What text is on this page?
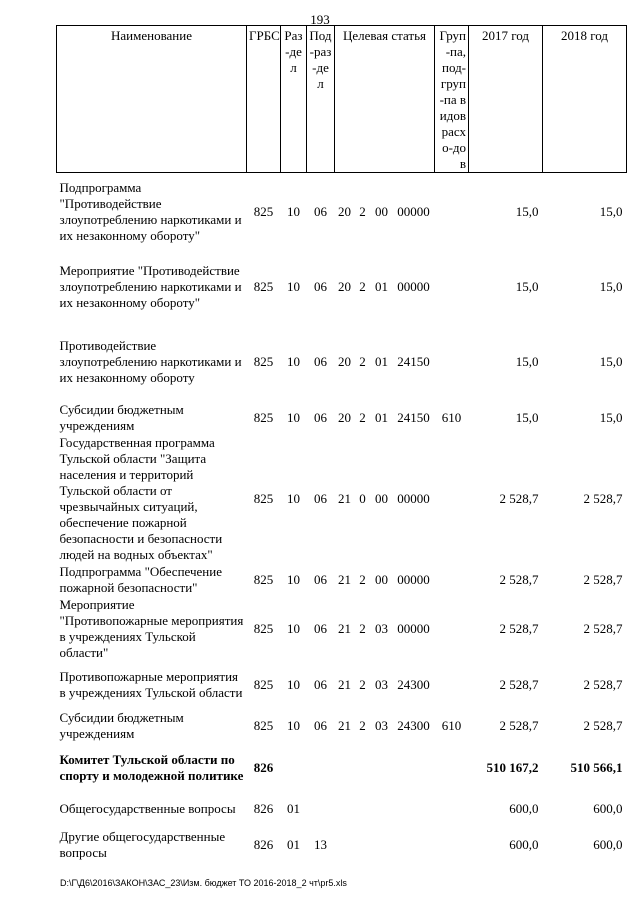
193
Наименование	ГРБС	Раз-дел	Под-раз-дел	Целевая статья				Груп-па, под-груп-па видов расхо-дов	2017 год	2018 год
Подпрограмма "Противодействие злоупотреблению наркотиками и их незаконному обороту"	825	10	06	20	2	00	00000		15,0	15,0
Мероприятие "Противодействие злоупотреблению наркотиками и их незаконному обороту"	825	10	06	20	2	01	00000		15,0	15,0
Противодействие злоупотреблению наркотиками и их незаконному обороту	825	10	06	20	2	01	24150		15,0	15,0
Субсидии бюджетным учреждениям	825	10	06	20	2	01	24150	610	15,0	15,0
Государственная программа Тульской области "Защита населения и территорий Тульской области от чрезвычайных ситуаций, обеспечение пожарной безопасности и безопасности людей на водных объектах"	825	10	06	21	0	00	00000		2 528,7	2 528,7
Подпрограмма "Обеспечение пожарной безопасности"	825	10	06	21	2	00	00000		2 528,7	2 528,7
Мероприятие "Противопожарные мероприятия в учреждениях Тульской области"	825	10	06	21	2	03	00000		2 528,7	2 528,7
Противопожарные мероприятия в учреждениях Тульской области	825	10	06	21	2	03	24300		2 528,7	2 528,7
Субсидии бюджетным учреждениям	825	10	06	21	2	03	24300	610	2 528,7	2 528,7
Комитет Тульской области по спорту и молодежной политике	826								510 167,2	510 566,1
Общегосударственные вопросы	826	01							600,0	600,0
Другие общегосударственные вопросы	826	01	13						600,0	600,0
D:\Г\Д6\2016\ЗАКОН\ЗАС_23\Изм. бюджет ТО 2016-2018_2 чт\pr5.xls
